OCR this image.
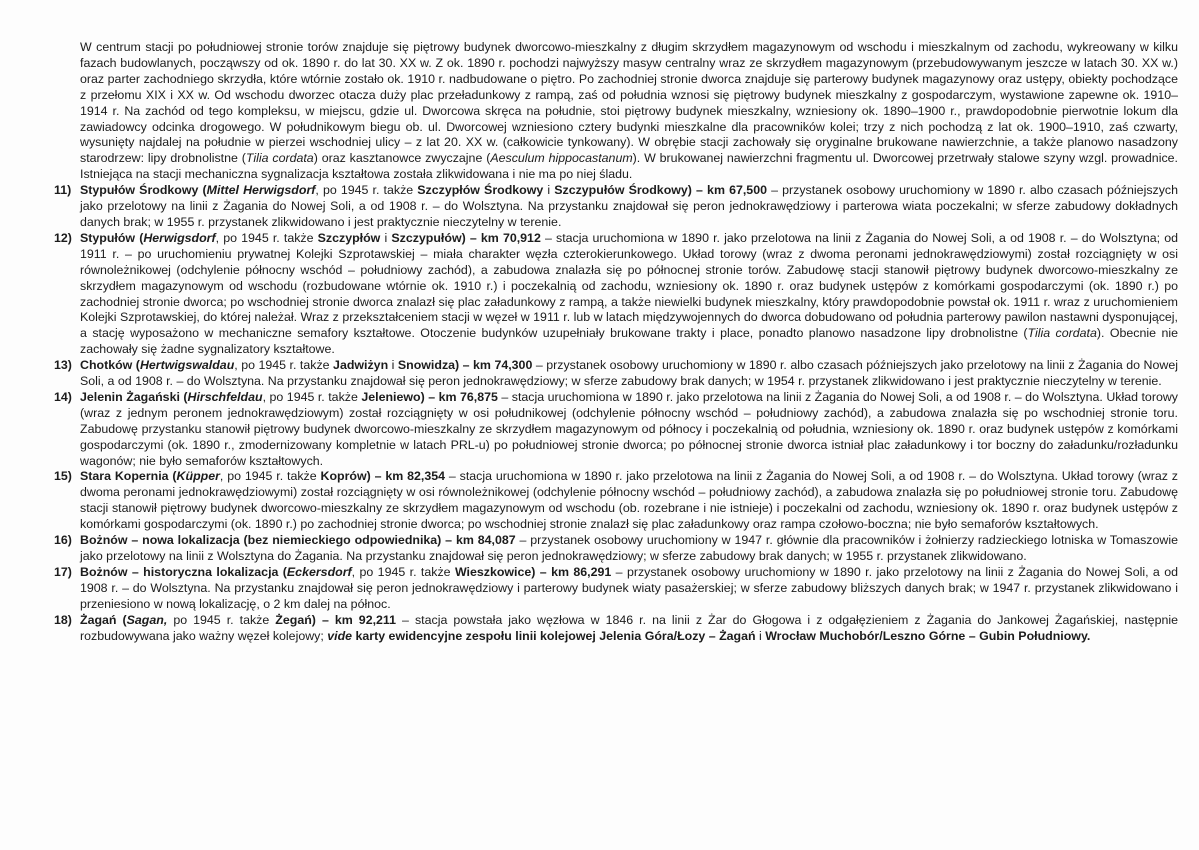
W centrum stacji po południowej stronie torów znajduje się piętrowy budynek dworcowo-mieszkalny z długim skrzydłem magazynowym od wschodu i mieszkalnym od zachodu, wykreowany w kilku fazach budowlanych, począwszy od ok. 1890 r. do lat 30. XX w. Z ok. 1890 r. pochodzi najwyższy masyw centralny wraz ze skrzydłem magazynowym (przebudowywanym jeszcze w latach 30. XX w.) oraz parter zachodniego skrzydła, które wtórnie zostało ok. 1910 r. nadbudowane o piętro. Po zachodniej stronie dworca znajduje się parterowy budynek magazynowy oraz ustępy, obiekty pochodzące z przełomu XIX i XX w. Od wschodu dworzec otacza duży plac przeładunkowy z rampą, zaś od południa wznosi się piętrowy budynek mieszkalny z gospodarczym, wystawione zapewne ok. 1910–1914 r. Na zachód od tego kompleksu, w miejscu, gdzie ul. Dworcowa skręca na południe, stoi piętrowy budynek mieszkalny, wzniesiony ok. 1890–1900 r., prawdopodobnie pierwotnie lokum dla zawiadowcy odcinka drogowego. W południkowym biegu ob. ul. Dworcowej wzniesiono cztery budynki mieszkalne dla pracowników kolei; trzy z nich pochodzą z lat ok. 1900–1910, zaś czwarty, wysunięty najdalej na południe w pierzei wschodniej ulicy – z lat 20. XX w. (całkowicie tynkowany). W obrębie stacji zachowały się oryginalne brukowane nawierzchnie, a także planowo nasadzony starodrzew: lipy drobnolistne (Tilia cordata) oraz kasztanowce zwyczajne (Aesculum hippocastanum). W brukowanej nawierzchni fragmentu ul. Dworcowej przetrwały stalowe szyny wzgl. prowadnice. Istniejąca na stacji mechaniczna sygnalizacja kształtowa została zlikwidowana i nie ma po niej śladu.

11) Stypułów Środkowy (Mittel Herwigsdorf, po 1945 r. także Szczypłów Środkowy i Szczypułów Środkowy) – km 67,500 – przystanek osobowy uruchomiony w 1890 r. albo czasach późniejszych jako przelotowy na linii z Żagania do Nowej Soli, a od 1908 r. – do Wolsztyna. Na przystanku znajdował się peron jednokrawędziowy i parterowa wiata poczekalni; w sferze zabudowy dokładnych danych brak; w 1955 r. przystanek zlikwidowano i jest praktycznie nieczytelny w terenie.
12) Stypułów (Herwigsdorf, po 1945 r. także Szczypłów i Szczypułów) – km 70,912 – stacja uruchomiona w 1890 r. jako przelotowa na linii z Żagania do Nowej Soli, a od 1908 r. – do Wolsztyna; od 1911 r. – po uruchomieniu prywatnej Kolejki Szprotawskiej – miała charakter węzła czterokierunkowego. Układ torowy (wraz z dwoma peronami jednokrawędziowymi) został rozciągnięty w osi równoleżnikowej (odchylenie północny wschód – południowy zachód), a zabudowa znalazła się po północnej stronie torów. Zabudowę stacji stanowił piętrowy budynek dworcowo-mieszkalny ze skrzydłem magazynowym od wschodu (rozbudowane wtórnie ok. 1910 r.) i poczekalnią od zachodu, wzniesiony ok. 1890 r. oraz budynek ustępów z komórkami gospodarczymi (ok. 1890 r.) po zachodniej stronie dworca; po wschodniej stronie dworca znalazł się plac załadunkowy z rampą, a także niewielki budynek mieszkalny, który prawdopodobnie powstał ok. 1911 r. wraz z uruchomieniem Kolejki Szprotawskiej, do której należał. Wraz z przekształceniem stacji w węzeł w 1911 r. lub w latach międzywojennych do dworca dobudowano od południa parterowy pawilon nastawni dysponującej, a stację wyposażono w mechaniczne semafory kształtowe. Otoczenie budynków uzupełniały brukowane trakty i place, ponadto planowo nasadzone lipy drobnolistne (Tilia cordata). Obecnie nie zachowały się żadne sygnalizatory kształtowe.
13) Chotków (Hertwigswaldau, po 1945 r. także Jadwiżyn i Snowidza) – km 74,300 – przystanek osobowy uruchomiony w 1890 r. albo czasach późniejszych jako przelotowy na linii z Żagania do Nowej Soli, a od 1908 r. – do Wolsztyna. Na przystanku znajdował się peron jednokrawędziowy; w sferze zabudowy brak danych; w 1954 r. przystanek zlikwidowano i jest praktycznie nieczytelny w terenie.
14) Jelenin Żagański (Hirschfeldau, po 1945 r. także Jeleniewo) – km 76,875 – stacja uruchomiona w 1890 r. jako przelotowa na linii z Żagania do Nowej Soli, a od 1908 r. – do Wolsztyna. Układ torowy (wraz z jednym peronem jednokrawędziowym) został rozciągnięty w osi południkowej (odchylenie północny wschód – południowy zachód), a zabudowa znalazła się po wschodniej stronie toru. Zabudowę przystanku stanowił piętrowy budynek dworcowo-mieszkalny ze skrzydłem magazynowym od północy i poczekalnią od południa, wzniesiony ok. 1890 r. oraz budynek ustępów z komórkami gospodarczymi (ok. 1890 r., zmodernizowany kompletnie w latach PRL-u) po południowej stronie dworca; po północnej stronie dworca istniał plac załadunkowy i tor boczny do załadunku/rozładunku wagonów; nie było semaforów kształtowych.
15) Stara Kopernia (Küpper, po 1945 r. także Koprów) – km 82,354 – stacja uruchomiona w 1890 r. jako przelotowa na linii z Żagania do Nowej Soli, a od 1908 r. – do Wolsztyna. Układ torowy (wraz z dwoma peronami jednokrawędziowymi) został rozciągnięty w osi równoleżnikowej (odchylenie północny wschód – południowy zachód), a zabudowa znalazła się po południowej stronie toru. Zabudowę stacji stanowił piętrowy budynek dworcowo-mieszkalny ze skrzydłem magazynowym od wschodu (ob. rozebrane i nie istnieje) i poczekalni od zachodu, wzniesiony ok. 1890 r. oraz budynek ustępów z komórkami gospodarczymi (ok. 1890 r.) po zachodniej stronie dworca; po wschodniej stronie znalazł się plac załadunkowy oraz rampa czołowo-boczna; nie było semaforów kształtowych.
16) Bożnów – nowa lokalizacja (bez niemieckiego odpowiednika) – km 84,087 – przystanek osobowy uruchomiony w 1947 r. głównie dla pracowników i żołnierzy radzieckiego lotniska w Tomaszowie jako przelotowy na linii z Wolsztyna do Żagania. Na przystanku znajdował się peron jednokrawędziowy; w sferze zabudowy brak danych; w 1955 r. przystanek zlikwidowano.
17) Bożnów – historyczna lokalizacja (Eckersdorf, po 1945 r. także Wieszkowice) – km 86,291 – przystanek osobowy uruchomiony w 1890 r. jako przelotowy na linii z Żagania do Nowej Soli, a od 1908 r. – do Wolsztyna. Na przystanku znajdował się peron jednokrawędziowy i parterowy budynek wiaty pasażerskiej; w sferze zabudowy bliższych danych brak; w 1947 r. przystanek zlikwidowano i przeniesiono w nową lokalizację, o 2 km dalej na północ.
18) Żagań (Sagan, po 1945 r. także Żegań) – km 92,211 – stacja powstała jako węzłowa w 1846 r. na linii z Żar do Głogowa i z odgałęzieniem z Żagania do Jankowej Żagańskiej, następnie rozbudowywana jako ważny węzeł kolejowy; vide karty ewidencyjne zespołu linii kolejowej Jelenia Góra/Łozy – Żagań i Wrocław Muchobór/Leszno Górne – Gubin Południowy.
